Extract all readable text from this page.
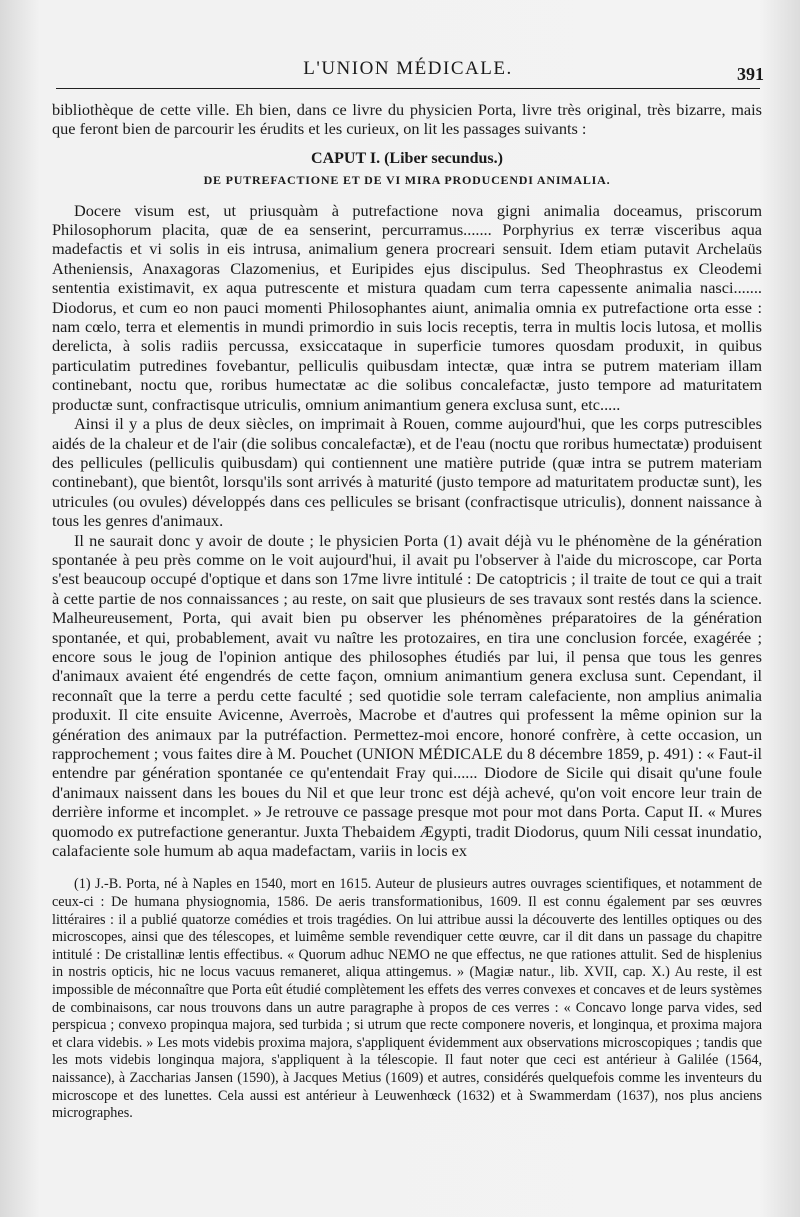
L'UNION MÉDICALE.	391

bibliothèque de cette ville. Eh bien, dans ce livre du physicien Porta, livre très original, très bizarre, mais que feront bien de parcourir les érudits et les curieux, on lit les passages suivants :

CAPUT I. (Liber secundus.)

DE PUTREFACTIONE ET DE VI MIRA PRODUCENDI ANIMALIA.

Docere visum est, ut priusquàm à putrefactione nova gigni animalia doceamus, priscorum Philosophorum placita, quæ de ea senserint, percurramus....... Porphyrius ex terræ visceribus aqua madefactis et vi solis in eis intrusa, animalium genera procreari sensuit. Idem etiam putavit Archelaüs Atheniensis, Anaxagoras Clazomenius, et Euripides ejus discipulus. Sed Theophrastus ex Cleodemi sententia existimavit, ex aqua putrescente et mistura quadam cum terra capessente animalia nasci....... Diodorus, et cum eo non pauci momenti Philosophantes aiunt, animalia omnia ex putrefactione orta esse : nam cœlo, terra et elementis in mundi primordio in suis locis receptis, terra in multis locis lutosa, et mollis derelicta, à solis radiis percussa, exsiccataque in superficie tumores quosdam produxit, in quibus particulatim putredines fovebantur, pelliculis quibusdam intectæ, quæ intra se putrem materiam illam continebant, noctu que, roribus humectatæ ac die solibus concalefactæ, justo tempore ad maturitatem productæ sunt, confractisque utriculis, omnium animantium genera exclusa sunt, etc.....

Ainsi il y a plus de deux siècles, on imprimait à Rouen, comme aujourd'hui, que les corps putrescibles aidés de la chaleur et de l'air (die solibus concalefactæ), et de l'eau (noctu que roribus humectatæ) produisent des pellicules (pelliculis quibusdam) qui contiennent une matière putride (quæ intra se putrem materiam continebant), que bientôt, lorsqu'ils sont arrivés à maturité (justo tempore ad maturitatem productæ sunt), les utricules (ou ovules) développés dans ces pellicules se brisant (confractisque utriculis), donnent naissance à tous les genres d'animaux.

Il ne saurait donc y avoir de doute ; le physicien Porta (1) avait déjà vu le phénomène de la génération spontanée à peu près comme on le voit aujourd'hui, il avait pu l'observer à l'aide du microscope, car Porta s'est beaucoup occupé d'optique et dans son 17me livre intitulé : De catoptricis ; il traite de tout ce qui a trait à cette partie de nos connaissances ; au reste, on sait que plusieurs de ses travaux sont restés dans la science. Malheureusement, Porta, qui avait bien pu observer les phénomènes préparatoires de la génération spontanée, et qui, probablement, avait vu naître les protozaires, en tira une conclusion forcée, exagérée ; encore sous le joug de l'opinion antique des philosophes étudiés par lui, il pensa que tous les genres d'animaux avaient été engendrés de cette façon, omnium animantium genera exclusa sunt. Cependant, il reconnaît que la terre a perdu cette faculté ; sed quotidie sole terram calefaciente, non amplius animalia produxit. Il cite ensuite Avicenne, Averroès, Macrobe et d'autres qui professent la même opinion sur la génération des animaux par la putréfaction. Permettez-moi encore, honoré confrère, à cette occasion, un rapprochement ; vous faites dire à M. Pouchet (UNION MÉDICALE du 8 décembre 1859, p. 491) : « Faut-il entendre par génération spontanée ce qu'entendait Fray qui...... Diodore de Sicile qui disait qu'une foule d'animaux naissent dans les boues du Nil et que leur tronc est déjà achevé, qu'on voit encore leur train de derrière informe et incomplet. » Je retrouve ce passage presque mot pour mot dans Porta. Caput II. « Mures quomodo ex putrefactione generantur. Juxta Thebaidem Ægypti, tradit Diodorus, quum Nili cessat inundatio, calafaciente sole humum ab aqua madefactam, variis in locis ex

(1) J.-B. Porta, né à Naples en 1540, mort en 1615. Auteur de plusieurs autres ouvrages scientifiques, et notamment de ceux-ci : De humana physiognomia, 1586. De aeris transformationibus, 1609. Il est connu également par ses œuvres littéraires : il a publié quatorze comédies et trois tragédies. On lui attribue aussi la découverte des lentilles optiques ou des microscopes, ainsi que des télescopes, et luimême semble revendiquer cette œuvre, car il dit dans un passage du chapitre intitulé : De cristallinæ lentis effectibus. « Quorum adhuc NEMO ne que effectus, ne que rationes attulit. Sed de hisplenius in nostris opticis, hic ne locus vacuus remaneret, aliqua attingemus. » (Magiæ natur., lib. XVII, cap. X.) Au reste, il est impossible de méconnaître que Porta eût étudié complètement les effets des verres convexes et concaves et de leurs systèmes de combinaisons, car nous trouvons dans un autre paragraphe à propos de ces verres : « Concavo longe parva vides, sed perspicua ; convexo propinqua majora, sed turbida ; si utrum que recte componere noveris, et longinqua, et proxima majora et clara videbis. » Les mots videbis proxima majora, s'appliquent évidemment aux observations microscopiques ; tandis que les mots videbis longinqua majora, s'appliquent à la télescopie. Il faut noter que ceci est antérieur à Galilée (1564, naissance), à Zaccharias Jansen (1590), à Jacques Metius (1609) et autres, considérés quelquefois comme les inventeurs du microscope et des lunettes. Cela aussi est antérieur à Leuwenhœck (1632) et à Swammerdam (1637), nos plus anciens micrographes.
